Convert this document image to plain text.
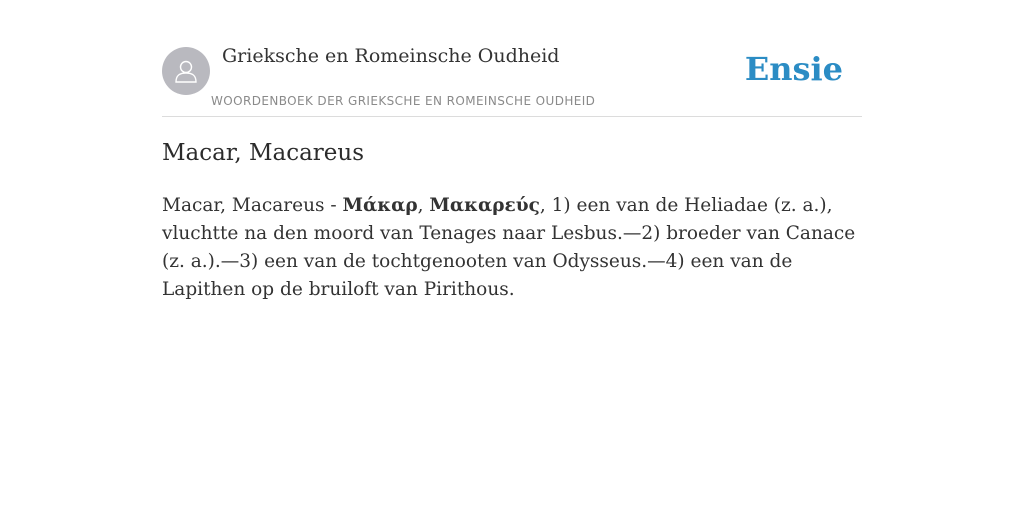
Grieksche en Romeinsche Oudheid
WOORDENBOEK DER GRIEKSCHE EN ROMEINSCHE OUDHEID
Ensie
Macar, Macareus

Macar, Macareus - Μάκαρ, Μακαρεύς, 1) een van de Heliadae (z. a.), vluchtte na den moord van Tenages naar Lesbus.—2) broeder van Canace (z. a.).—3) een van de tochtgenooten van Odysseus.—4) een van de Lapithen op de bruiloft van Pirithous.
